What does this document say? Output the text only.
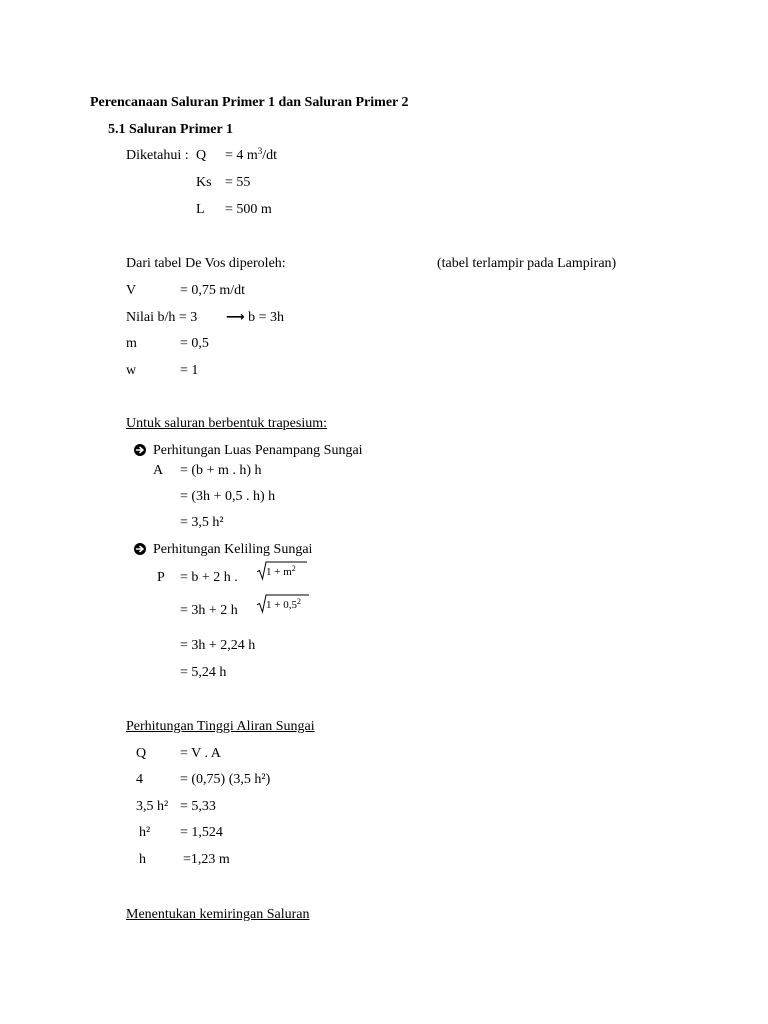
Perencanaan Saluran Primer 1 dan Saluran Primer 2
5.1 Saluran Primer 1
Diketahui : Q = 4 $m^3/dt$
Ks = 55
L = 500 m
Dari tabel De Vos diperoleh:	(tabel terlampir pada Lampiran)
V	= 0,75 m/dt
Nilai b/h = 3 ⟶ b = 3h
m	= 0,5
w	= 1
Untuk saluran berbentuk trapesium:
Perhitungan Luas Penampang Sungai
A = (b + m . h) h
= (3h + 0,5 . h) h
= 3,5 h²
Perhitungan Keliling Sungai
P = b + 2 h .	$1 + m^2$
= 3h + 2 h	$1 + 0,5^2$
= 3h + 2,24 h
= 5,24 h
Perhitungan Tinggi Aliran Sungai
Q = V . A
4	= (0,75) (3,5 h²)
3,5 h² = 5,33
h² = 1,524
h	=1,23 m
Menentukan kemiringan Saluran
